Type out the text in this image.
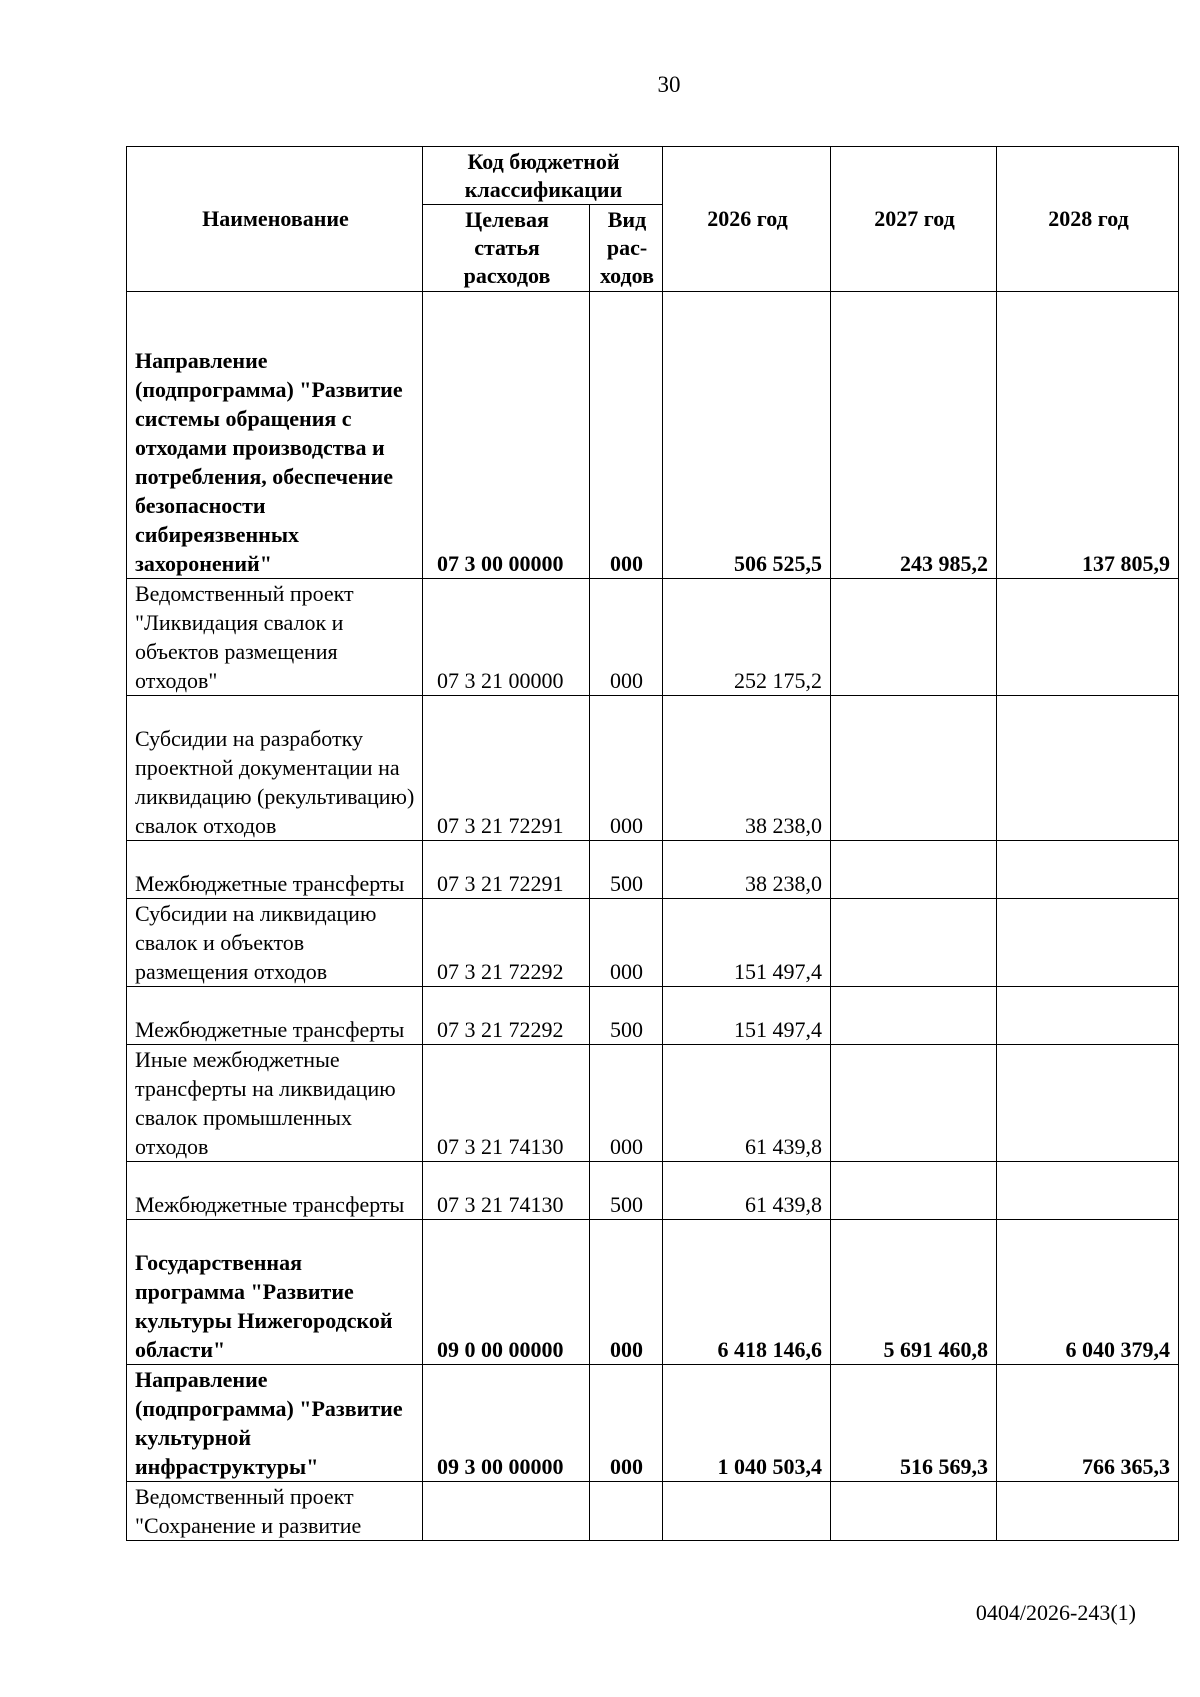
30
Наименование	Код бюджетной классификации		2026 год	2027 год	2028 год
	Целевая статья расходов	Вид рас-ходов			
Направление (подпрограмма) "Развитие системы обращения с отходами производства и потребления, обеспечение безопасности сибиреязвенных захоронений"	07 3 00 00000	000	506 525,5	243 985,2	137 805,9
Ведомственный проект "Ликвидация свалок и объектов размещения отходов"	07 3 21 00000	000	252 175,2		
Субсидии на разработку проектной документации на ликвидацию (рекультивацию) свалок отходов	07 3 21 72291	000	38 238,0		
Межбюджетные трансферты	07 3 21 72291	500	38 238,0		
Субсидии на ликвидацию свалок и объектов размещения отходов	07 3 21 72292	000	151 497,4		
Межбюджетные трансферты	07 3 21 72292	500	151 497,4		
Иные межбюджетные трансферты на ликвидацию свалок промышленных отходов	07 3 21 74130	000	61 439,8		
Межбюджетные трансферты	07 3 21 74130	500	61 439,8		
Государственная программа "Развитие культуры Нижегородской области"	09 0 00 00000	000	6 418 146,6	5 691 460,8	6 040 379,4
Направление (подпрограмма) "Развитие культурной инфраструктуры"	09 3 00 00000	000	1 040 503,4	516 569,3	766 365,3
Ведомственный проект "Сохранение и развитие					
0404/2026-243(1)
